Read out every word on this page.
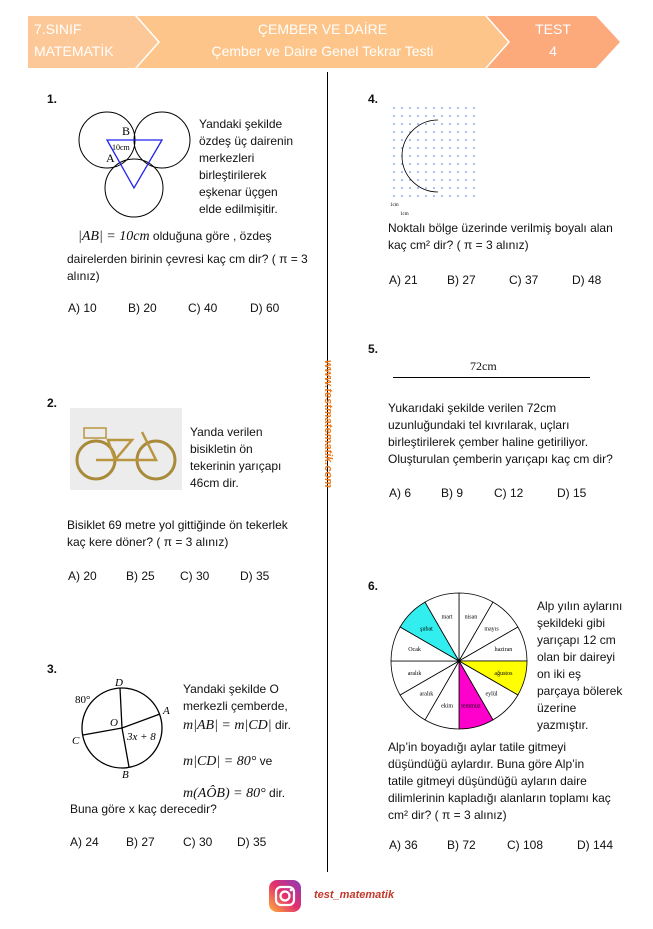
7.SINIF
MATEMATİK
ÇEMBER VE DAİRE
Çember ve Daire Genel Tekrar Testi
TEST
4
www.testmatematik.com
1.
B
A
10cm
Yandaki şekilde
özdeş üç dairenin
merkezleri
birleştirilerek
eşkenar üçgen
elde edilmişitir.
|AB| = 10cm olduğuna göre , özdeş
dairelerden birinin çevresi kaç cm dir? ( π = 3
alınız)
A) 10	B) 20	C) 40	D) 60
2.
Yanda verilen
bisikletin ön
tekerinin yarıçapı
46cm dir.
Bisiklet 69 metre yol gittiğinde ön tekerlek
kaç kere döner? ( π = 3 alınız)
A) 20 B) 25 C) 30	D) 35
3.
D
A
C
B
O
80°
3x + 8
Yandaki şekilde O
merkezli çemberde,
m|AB| = m|CD| dir.
m|CD| = 80° ve
m(AÔB) = 80° dir.
Buna göre x kaç derecedir?
A) 24 B) 27 C) 30 D) 35
4.
1cm
1cm
Noktalı bölge üzerinde verilmiş boyalı alan
kaç cm² dir? ( π = 3 alınız)
A) 21 B) 27	C) 37	D) 48
5.
72cm
Yukarıdaki şekilde verilen 72cm
uzunluğundaki tel kıvrılarak, uçları
birleştirilerek çember haline getiriliyor.
Oluşturulan çemberin yarıçapı kaç cm dir?
A) 6 B) 9	C) 12	D) 15
6.
nisan
mayıs
haziran
ağustos
eylül
temmuz
ekim
aralık
aralık
Ocak
şubat
mart
Alp yılın aylarını
şekildeki gibi
yarıçapı 12 cm
olan bir daireyi
on iki eş
parçaya bölerek
üzerine
yazmıştır.
Alp’in boyadığı aylar tatile gitmeyi
düşündüğü aylardır. Buna göre Alp’in
tatile gitmeyi düşündüğü ayların daire
dilimlerinin kapladığı alanların toplamı kaç
cm² dir? ( π = 3 alınız)
A) 36 B) 72	C) 108	D) 144
test_matematik
